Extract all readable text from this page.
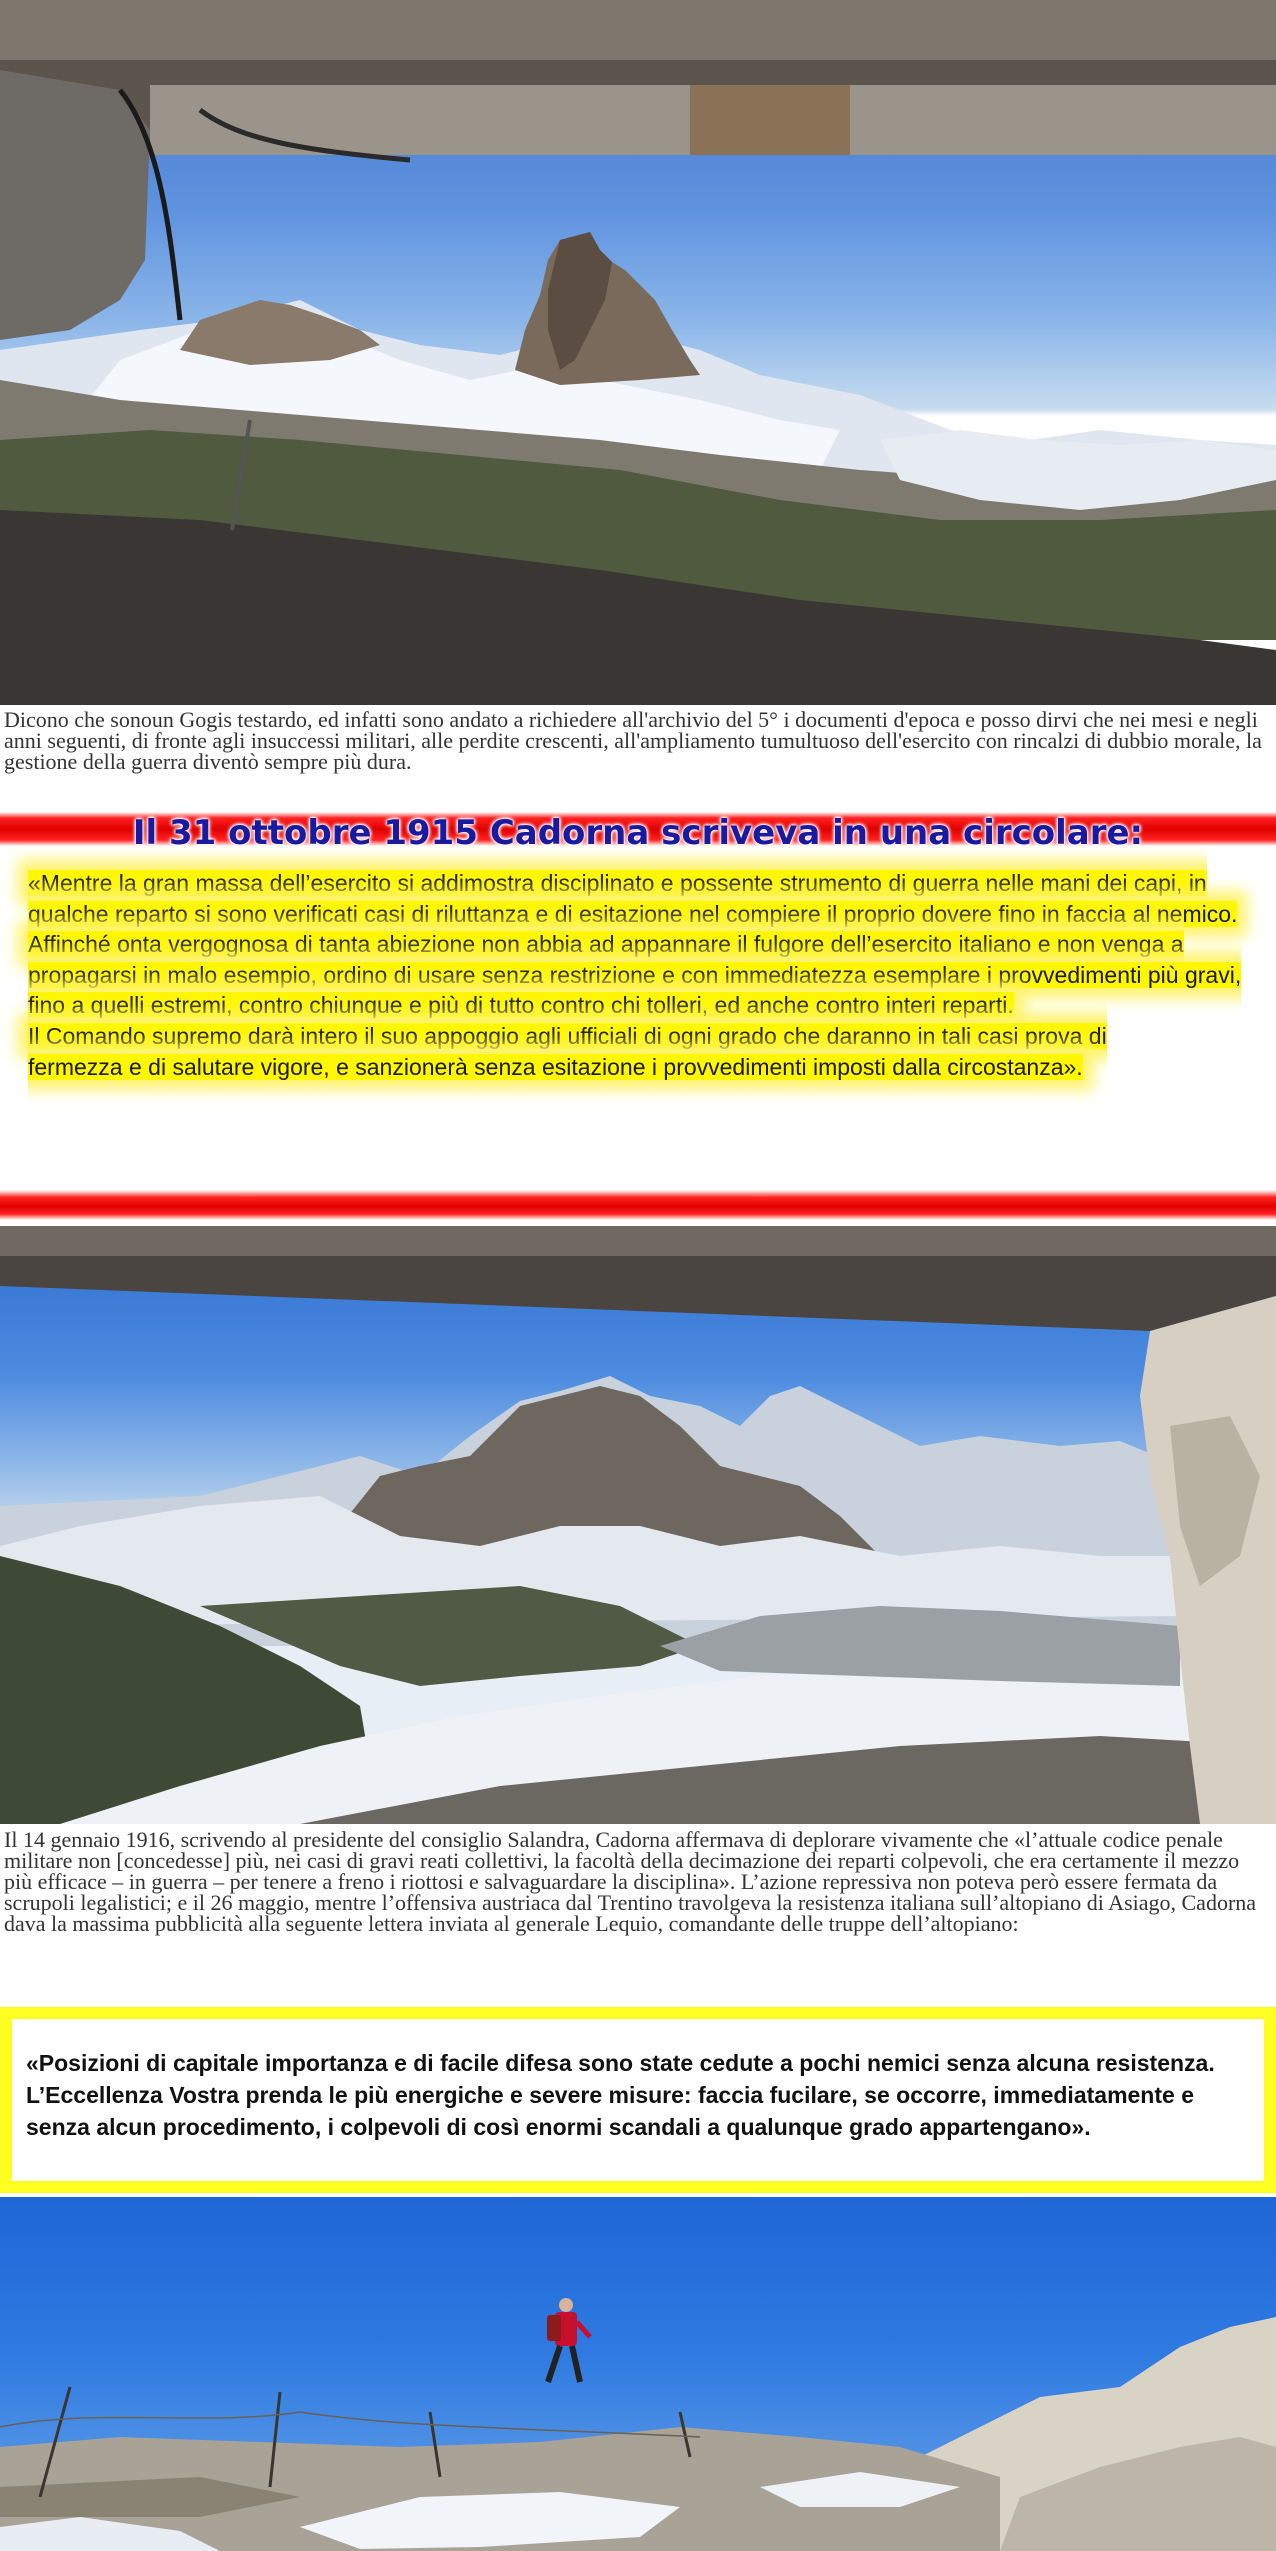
Dicono che sonoun Gogis testardo, ed infatti sono andato a richiedere all'archivio del 5° i documenti d'epoca e posso dirvi che nei mesi e negli anni seguenti, di fronte agli insuccessi militari, alle perdite crescenti, all'ampliamento tumultuoso dell'esercito con rincalzi di dubbio morale, la gestione della guerra diventò sempre più dura.
Il 31 ottobre 1915 Cadorna scriveva in una circolare:

«Mentre la gran massa dell’esercito si addimostra disciplinato e possente strumento di guerra nelle mani dei capi, in qualche reparto si sono verificati casi di riluttanza e di esitazione nel compiere il proprio dovere fino in faccia al nemico.

Affinché onta vergognosa di tanta abiezione non abbia ad appannare il fulgore dell’esercito italiano e non venga a propagarsi in malo esempio, ordino di usare senza restrizione e con immediatezza esemplare i provvedimenti più gravi, fino a quelli estremi, contro chiunque e più di tutto contro chi tolleri, ed anche contro interi reparti.

Il Comando supremo darà intero il suo appoggio agli ufficiali di ogni grado che daranno in tali casi prova di fermezza e di salutare vigore, e sanzionerà senza esitazione i provvedimenti imposti dalla circostanza».

Il 14 gennaio 1916, scrivendo al presidente del consiglio Salandra, Cadorna affermava di deplorare vivamente che «l’attuale codice penale militare non [concedesse] più, nei casi di gravi reati collettivi, la facoltà della decimazione dei reparti colpevoli, che era certamente il mezzo più efficace – in guerra – per tenere a freno i riottosi e salvaguardare la disciplina». L’azione repressiva non poteva però essere fermata da scrupoli legalistici; e il 26 maggio, mentre l’offensiva austriaca dal Trentino travolgeva la resistenza italiana sull’altopiano di Asiago, Cadorna dava la massima pubblicità alla seguente lettera inviata al generale Lequio, comandante delle truppe dell’altopiano:
«Posizioni di capitale importanza e di facile difesa sono state cedute a pochi nemici senza alcuna resistenza. L’Eccellenza Vostra prenda le più energiche e severe misure: faccia fucilare, se occorre, immediatamente e senza alcun procedimento, i colpevoli di così enormi scandali a qualunque grado appartengano».
